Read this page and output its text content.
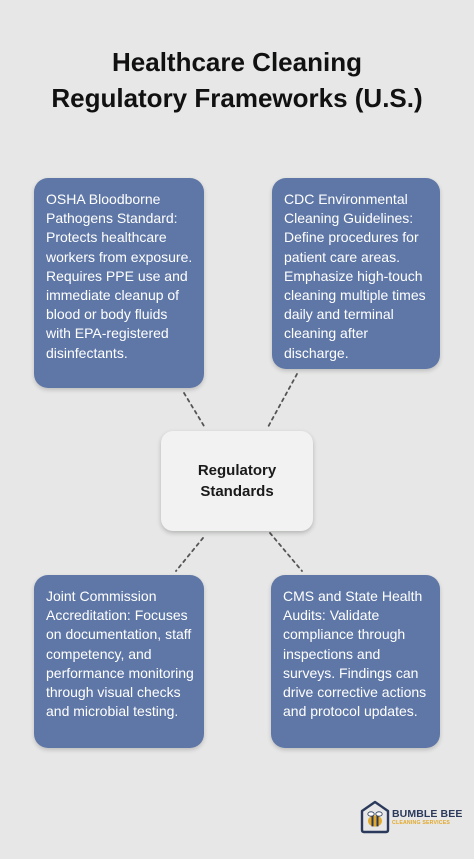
Healthcare Cleaning
Regulatory Frameworks (U.S.)
OSHA Bloodborne Pathogens Standard: Protects healthcare workers from exposure. Requires PPE use and immediate cleanup of blood or body fluids with EPA-registered disinfectants.
CDC Environmental Cleaning Guidelines: Define procedures for patient care areas. Emphasize high-touch cleaning multiple times daily and terminal cleaning after discharge.
Regulatory
Standards
Joint Commission Accreditation: Focuses on documentation, staff competency, and performance monitoring through visual checks and microbial testing.
CMS and State Health Audits: Validate compliance through inspections and surveys. Findings can drive corrective actions and protocol updates.
BUMBLE BEE
CLEANING SERVICES
